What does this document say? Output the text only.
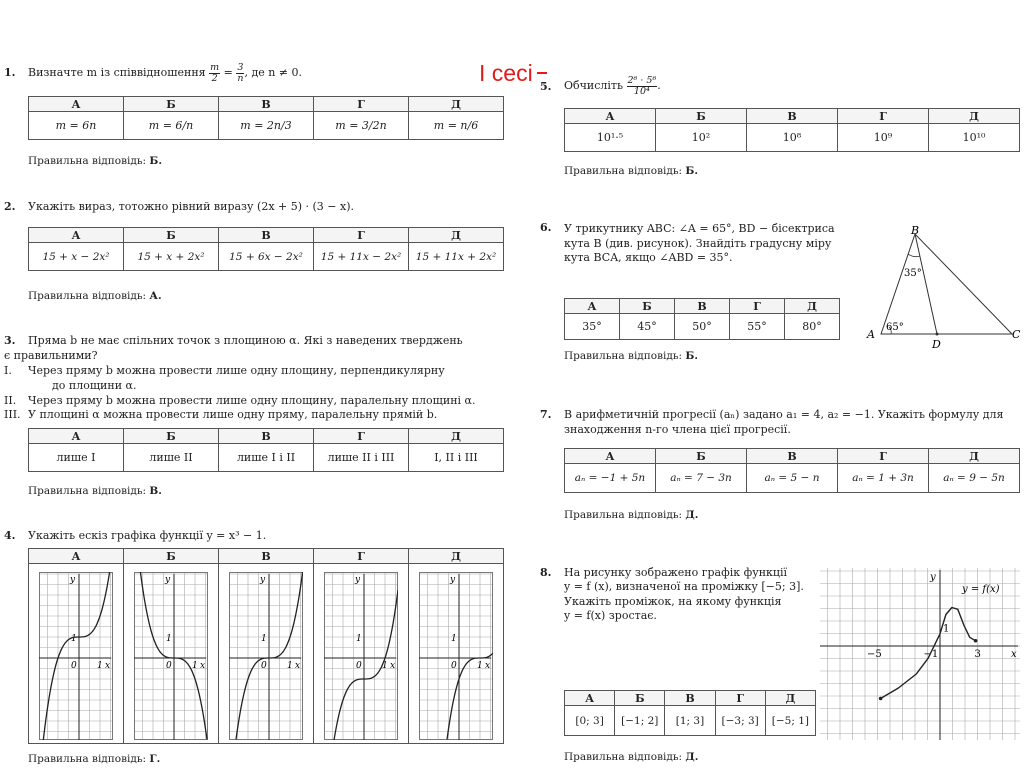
І сесі
1. Визначте m із співвідношення $\frac{m}{2} = \frac{3}{n}$ , де n ≠ 0.
А	Б	В	Г	Д
m = 6n	m = 6/n	m = 2n/3	m = 3/2n	m = n/6
Правильна відповідь: Б.
2. Укажіть вираз, тотожно рівний виразу (2x + 5) · (3 − x).
А	Б	В	Г	Д
15 + x − 2x²	15 + x + 2x²	15 + 6x − 2x²	15 + 11x − 2x²	15 + 11x + 2x²
Правильна відповідь: А.
3. Пряма b не має спільних точок з площиною α. Які з наведених тверджень
є правильними?
I. Через пряму b можна провести лише одну площину, перпендикулярну
до площини α.
II. Через пряму b можна провести лише одну площину, паралельну площині α.
III. У площині α можна провести лише одну пряму, паралельну прямій b.
А	Б	В	Г	Д
лише І	лише ІІ	лише І і ІІ	лише ІІ і ІІІ	І, ІІ і ІІІ
Правильна відповідь: В.
4. Укажіть ескіз графіка функції y = x³ − 1.
А	Б	В	Г	Д

y
x
0 1
1	y
x
0 1
1	y
x
0 1
1	y
x
0 1
1	y
x
0 1
1
Правильна відповідь: Г.
5. Обчисліть $\frac{\text{2⁶ · 5⁶}}{\text{10⁴}}$ .
А	Б	В	Г	Д
10¹·⁵	10²	10⁸	10⁹	10¹⁰
Правильна відповідь: Б.
6. У трикутнику ABC: ∠A = 65°, BD − бісектриса
кута B (див. рисунок). Знайдіть градусну міру
кута BCA, якщо ∠ABD = 35°.
А	Б	В	Г	Д
35°	45°	50°	55°	80°
Правильна відповідь: Б.
B
A	C
D
35°
65°
7. В арифметичній прогресії (aₙ) задано a₁ = 4, a₂ = −1. Укажіть формулу для
знаходження n-го члена цієї прогресії.
А	Б	В	Г	Д
aₙ = −1 + 5n	aₙ = 7 − 3n	aₙ = 5 − n	aₙ = 1 + 3n	aₙ = 9 − 5n
Правильна відповідь: Д.
8. На рисунку зображено графік функції
y = f (x), визначеної на проміжку [−5; 3].
Укажіть проміжок, на якому функція
y = f(x) зростає.
А	Б	В	Г	Д
[0; 3]	[−1; 2]	[1; 3]	[−3; 3]	[−5; 1]
Правильна відповідь: Д.
y
x
y = f(x)
−5	−1	3
1
